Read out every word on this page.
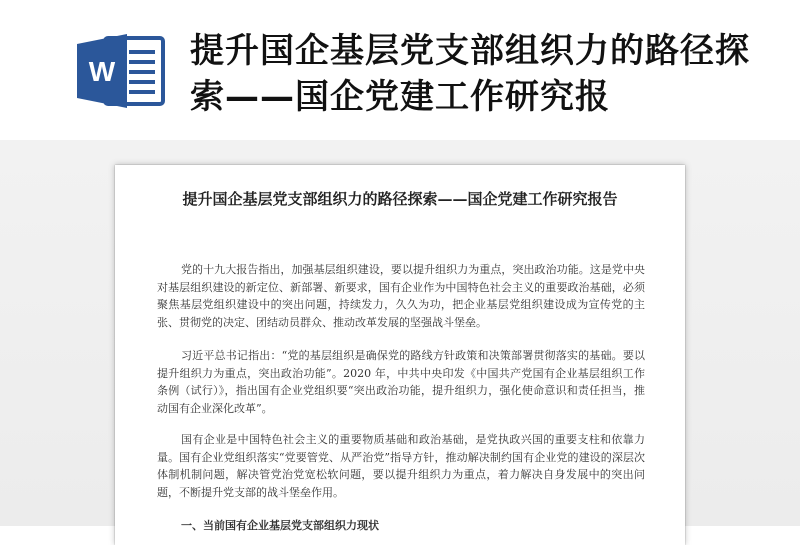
W
提升国企基层党支部组织力的路径探索——国企党建工作研究报
提升国企基层党支部组织力的路径探索——国企党建工作研究报告

党的十九大报告指出，加强基层组织建设，要以提升组织力为重点，突出政治功能。这是党中央对基层组织建设的新定位、新部署、新要求，国有企业作为中国特色社会主义的重要政治基础，必须聚焦基层党组织建设中的突出问题，持续发力，久久为功，把企业基层党组织建设成为宣传党的主张、贯彻党的决定、团结动员群众、推动改革发展的坚强战斗堡垒。

习近平总书记指出：“党的基层组织是确保党的路线方针政策和决策部署贯彻落实的基础。要以提升组织力为重点，突出政治功能”。2020 年，中共中央印发《中国共产党国有企业基层组织工作条例（试行）》，指出国有企业党组织要“突出政治功能，提升组织力，强化使命意识和责任担当，推动国有企业深化改革”。

国有企业是中国特色社会主义的重要物质基础和政治基础，是党执政兴国的重要支柱和依靠力量。国有企业党组织落实“党要管党、从严治党”指导方针，推动解决制约国有企业党的建设的深层次体制机制问题，解决管党治党宽松软问题，要以提升组织力为重点，着力解决自身发展中的突出问题，不断提升党支部的战斗堡垒作用。

一、当前国有企业基层党支部组织力现状
